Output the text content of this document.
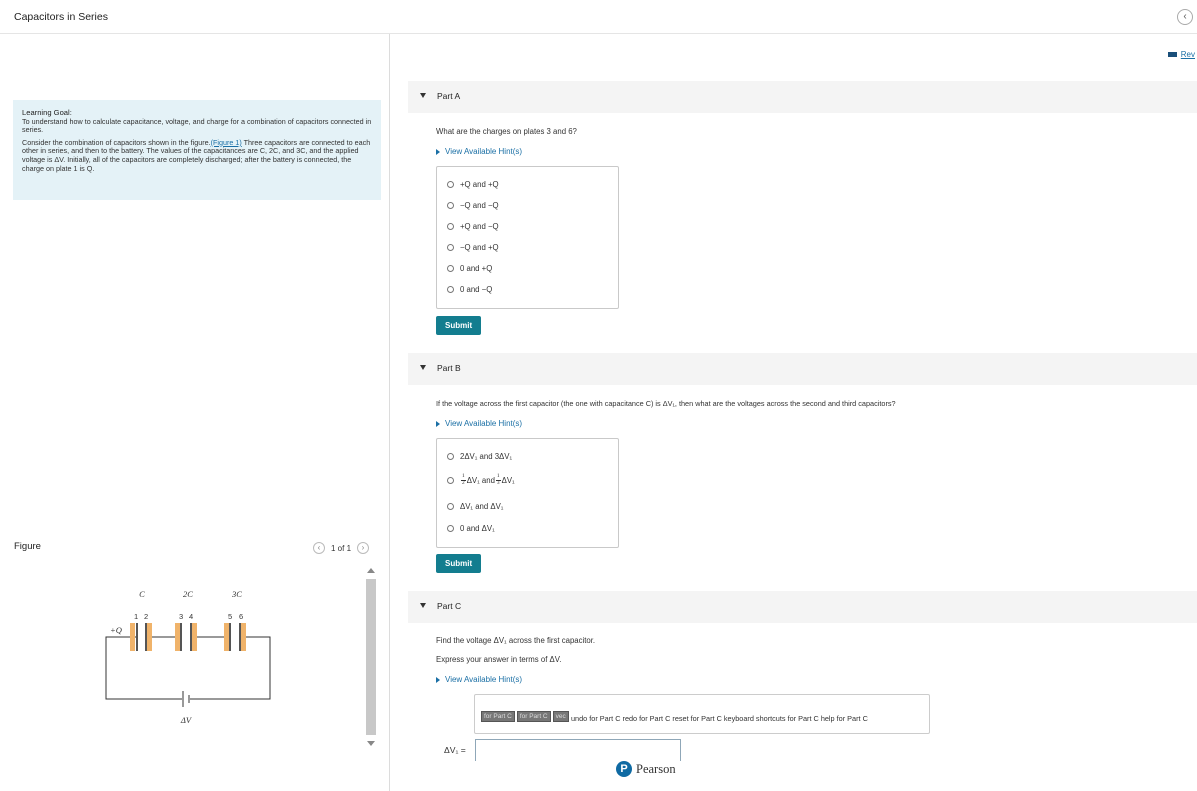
Capacitors in Series	‹
Rev

Learning Goal:
To understand how to calculate capacitance, voltage, and charge for a combination of capacitors connected in series.

Consider the combination of capacitors shown in the figure.(Figure 1) Three capacitors are connected to each other in series, and then to the battery. The values of the capacitances are C, 2C, and 3C, and the applied voltage is ΔV. Initially, all of the capacitors are completely discharged; after the battery is connected, the charge on plate 1 is Q.

Figure	‹	1 of 1	›
C	2C	3C
+Q
ΔV
1 2	3 4	5 6
Part A
What are the charges on plates 3 and 6?
View Available Hint(s)
+Q and +Q
−Q and −Q
+Q and −Q
−Q and +Q
0 and +Q
0 and −Q
Submit
Part B
If the voltage across the first capacitor (the one with capacitance C) is ΔV₁, then what are the voltages across the second and third capacitors?
View Available Hint(s)
2ΔV₁ and 3ΔV₁
$\frac{1}{2} \Delta V_1$ and $\frac{1}{3} \Delta V_1$
ΔV₁ and ΔV₁
0 and ΔV₁
Submit
Part C
Find the voltage ΔV₁ across the first capacitor.
Express your answer in terms of ΔV.
View Available Hint(s)
for Part C	for Part C	vec undo for Part C redo for Part C reset for Part C keyboard shortcuts for Part C help for Part C
ΔV₁ =
P Pearson
